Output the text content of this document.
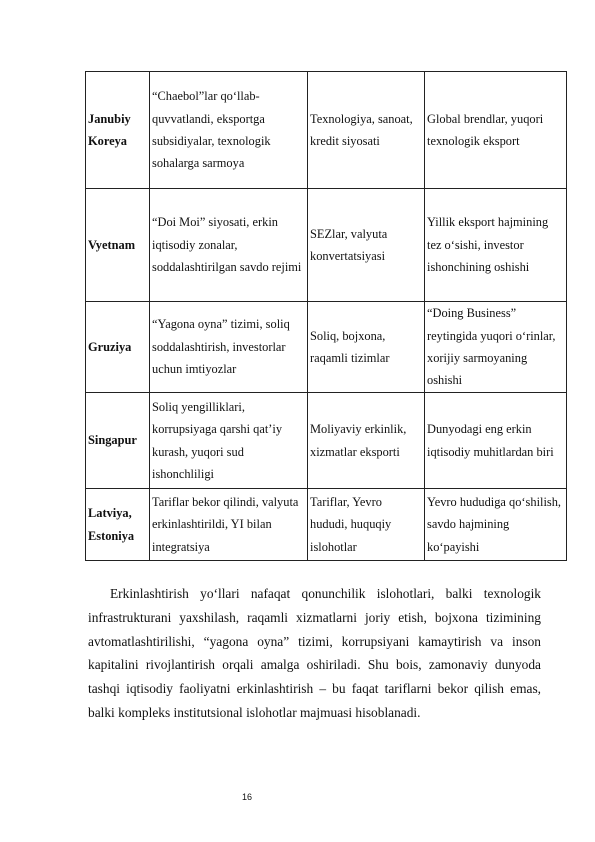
Janubiy Koreya	“Chaebol”lar qo‘llab-quvvatlandi, eksportga subsidiyalar, texnologik sohalarga sarmoya	Texnologiya, sanoat, kredit siyosati	Global brendlar, yuqori texnologik eksport
Vyetnam	“Doi Moi” siyosati, erkin iqtisodiy zonalar, soddalashtirilgan savdo rejimi	SEZlar, valyuta konvertatsiyasi	Yillik eksport hajmining tez o‘sishi, investor ishonchining oshishi
Gruziya	“Yagona oyna” tizimi, soliq soddalashtirish, investorlar uchun imtiyozlar	Soliq, bojxona, raqamli tizimlar	“Doing Business” reytingida yuqori o‘rinlar, xorijiy sarmoyaning oshishi
Singapur	Soliq yengilliklari, korrupsiyaga qarshi qat’iy kurash, yuqori sud ishonchliligi	Moliyaviy erkinlik, xizmatlar eksporti	Dunyodagi eng erkin iqtisodiy muhitlardan biri
Latviya, Estoniya	Tariflar bekor qilindi, valyuta erkinlashtirildi, YI bilan integratsiya	Tariflar, Yevro hududi, huquqiy islohotlar	Yevro hududiga qo‘shilish, savdo hajmining ko‘payishi

Erkinlashtirish yo‘llari nafaqat qonunchilik islohotlari, balki texnologik infrastrukturani yaxshilash, raqamli xizmatlarni joriy etish, bojxona tizimining avtomatlashtirilishi, “yagona oyna” tizimi, korrupsiyani kamaytirish va inson kapitalini rivojlantirish orqali amalga oshiriladi. Shu bois, zamonaviy dunyoda tashqi iqtisodiy faoliyatni erkinlashtirish – bu faqat tariflarni bekor qilish emas, balki kompleks institutsional islohotlar majmuasi hisoblanadi.

16
